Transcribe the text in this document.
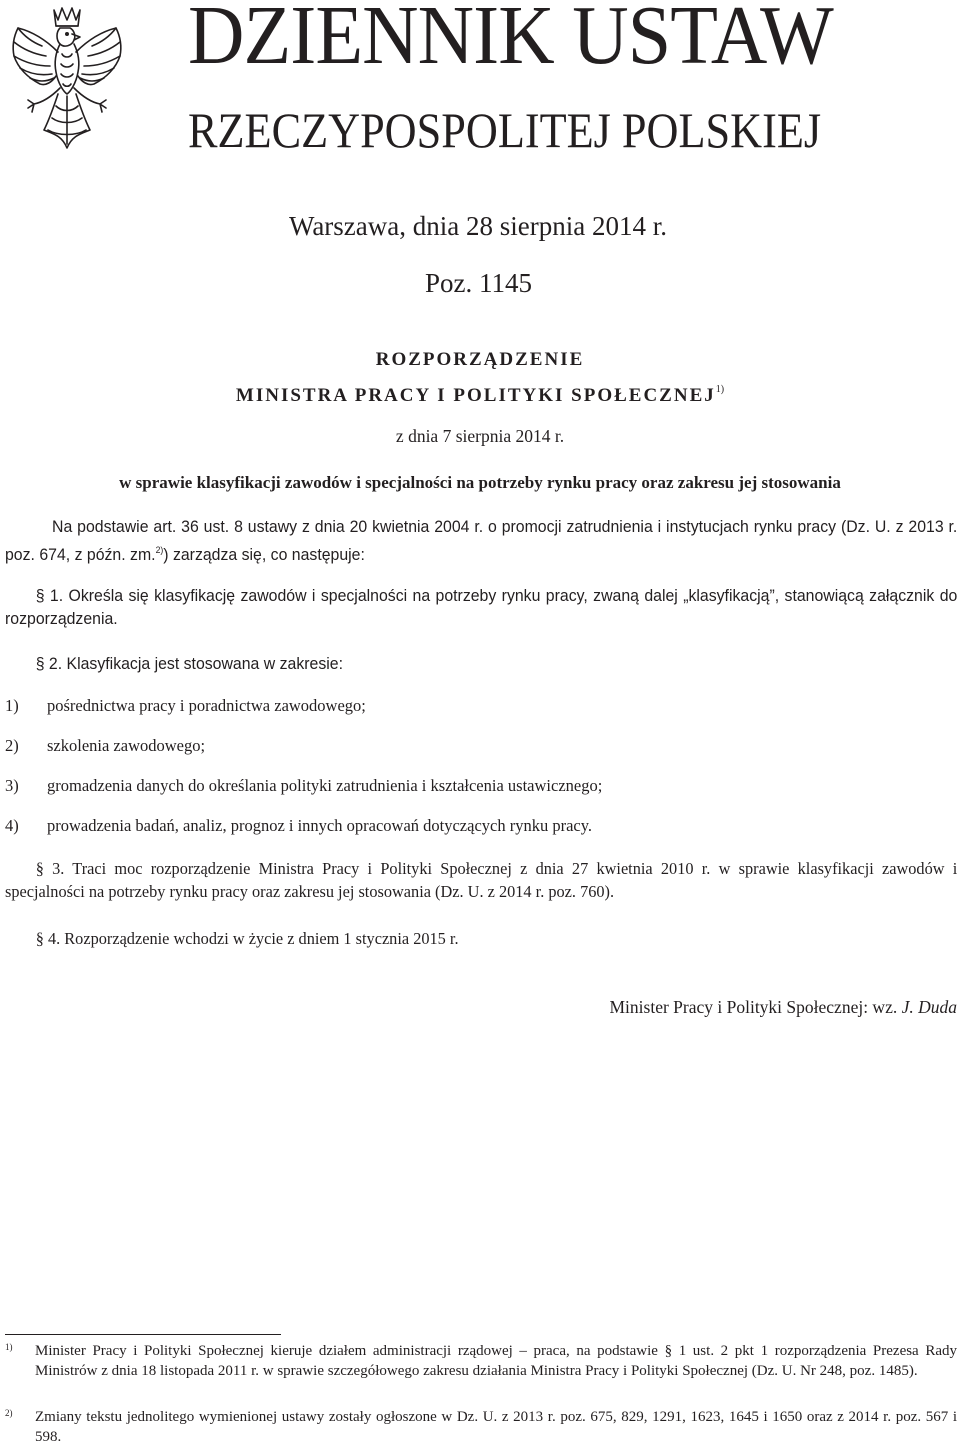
DZIENNIK USTAW
RZECZYPOSPOLITEJ POLSKIEJ
Warszawa, dnia 28 sierpnia 2014 r.
Poz. 1145
ROZPORZĄDZENIE
MINISTRA PRACY I POLITYKI SPOŁECZNEJ$^{1)}$
z dnia 7 sierpnia 2014 r.
w sprawie klasyfikacji zawodów i specjalności na potrzeby rynku pracy oraz zakresu jej stosowania
Na podstawie art. 36 ust. 8 ustawy z dnia 20 kwietnia 2004 r. o promocji zatrudnienia i instytucjach rynku pracy (Dz. U. z 2013 r. poz. 674, z późn. zm.$^{2)}$) zarządza się, co następuje:
§ 1. Określa się klasyfikację zawodów i specjalności na potrzeby rynku pracy, zwaną dalej „klasyfikacją”, stanowiącą załącznik do rozporządzenia.
§ 2. Klasyfikacja jest stosowana w zakresie:
1) pośrednictwa pracy i poradnictwa zawodowego;
2) szkolenia zawodowego;
3) gromadzenia danych do określania polityki zatrudnienia i kształcenia ustawicznego;
4) prowadzenia badań, analiz, prognoz i innych opracowań dotyczących rynku pracy.
§ 3. Traci moc rozporządzenie Ministra Pracy i Polityki Społecznej z dnia 27 kwietnia 2010 r. w sprawie klasyfikacji zawodów i specjalności na potrzeby rynku pracy oraz zakresu jej stosowania (Dz. U. z 2014 r. poz. 760).
§ 4. Rozporządzenie wchodzi w życie z dniem 1 stycznia 2015 r.
Minister Pracy i Polityki Społecznej: wz. J. Duda
1) Minister Pracy i Polityki Społecznej kieruje działem administracji rządowej – praca, na podstawie § 1 ust. 2 pkt 1 rozporządzenia Prezesa Rady Ministrów z dnia 18 listopada 2011 r. w sprawie szczegółowego zakresu działania Ministra Pracy i Polityki Społecznej (Dz. U. Nr 248, poz. 1485).
2) Zmiany tekstu jednolitego wymienionej ustawy zostały ogłoszone w Dz. U. z 2013 r. poz. 675, 829, 1291, 1623, 1645 i 1650 oraz z 2014 r. poz. 567 i 598.
